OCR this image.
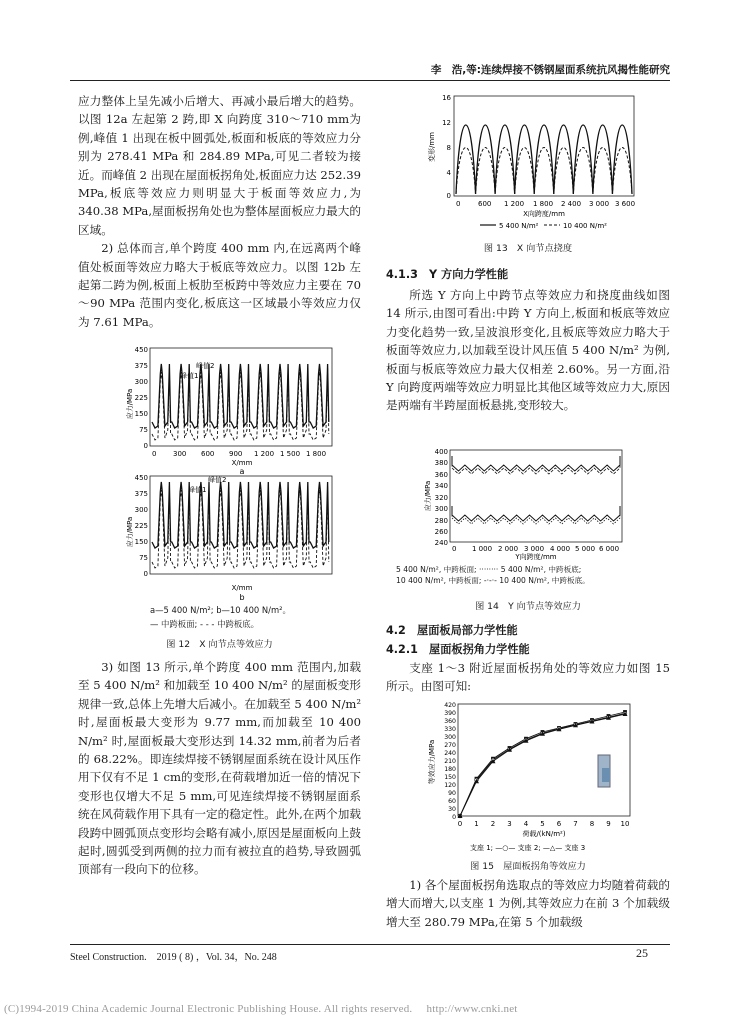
李　浩,等:连续焊接不锈钢屋面系统抗风揭性能研究

应力整体上呈先减小后增大、再减小最后增大的趋势。以图 12a 左起第 2 跨,即 X 向跨度 310～710 mm为例,峰值 1 出现在板中圆弧处,板面和板底的等效应力分别为 278.41 MPa 和 284.89 MPa,可见二者较为接近。而峰值 2 出现在屋面板拐角处,板面应力达 252.39 MPa,板底等效应力则明显大于板面等效应力,为 340.38 MPa,屋面板拐角处也为整体屋面板应力最大的区域。

2) 总体而言,单个跨度 400 mm 内,在远离两个峰值处板面等效应力略大于板底等效应力。以图 12b 左起第二跨为例,板面上板肋至板跨中等效应力主要在 70～90 MPa 范围内变化,板底这一区域最小等效应力仅为 7.61 MPa。

450
375
300
225
150
75
0
0 300 600 900 1 200 1 500 1 800
X/mm
a
峰值2
峰值1
应力/MPa
450
375
300
225
150
75
0
X/mm
b
峰值2
峰值1
应力/MPa
a—5 400 N/m²; b—10 400 N/m²。
— 中跨板面; - - - 中跨板底。
图 12　X 向节点等效应力

3) 如图 13 所示,单个跨度 400 mm 范围内,加载至 5 400 N/m² 和加载至 10 400 N/m² 的屋面板变形规律一致,总体上先增大后减小。在加载至 5 400 N/m² 时,屋面板最大变形为 9.77 mm,而加载至 10 400 N/m² 时,屋面板最大变形达到 14.32 mm,前者为后者的 68.22%。即连续焊接不锈钢屋面系统在设计风压作用下仅有不足 1 cm的变形,在荷载增加近一倍的情况下变形也仅增大不足 5 mm,可见连续焊接不锈钢屋面系统在风荷载作用下具有一定的稳定性。此外,在两个加载段跨中圆弧顶点变形均会略有减小,原因是屋面板向上鼓起时,圆弧受到两侧的拉力而有被拉直的趋势,导致圆弧顶部有一段向下的位移。

16
12
8
4
0
0	600 1 200 1 800 2 400 3 000 3 600
X向跨度/mm
变形/mm
5 400 N/m²	10 400 N/m²
图 13　X 向节点挠度
4.1.3　Y 方向力学性能

所选 Y 方向上中跨节点等效应力和挠度曲线如图 14 所示,由图可看出:中跨 Y 方向上,板面和板底等效应力变化趋势一致,呈波浪形变化,且板底等效应力略大于板面等效应力,以加载至设计风压值 5 400 N/m² 为例,板面与板底等效应力最大仅相差 2.60%。另一方面,沿 Y 向跨度两端等效应力明显比其他区域等效应力大,原因是两端有半跨屋面板悬挑,变形较大。

400
380
360
340
320
300
280
260
240
0 1 000 2 000 3 000 4 000 5 000 6 000
Y向跨度/mm
应力/MPa
5 400 N/m², 中跨板面; ········ 5 400 N/m², 中跨板底;
10 400 N/m², 中跨板面; -·-·- 10 400 N/m², 中跨板底。
图 14　Y 向节点等效应力
4.2　屋面板局部力学性能
4.2.1　屋面板拐角力学性能

支座 1～3 附近屋面板拐角处的等效应力如图 15 所示。由图可知:

420
390
360
330
300
270
240
210
180
150
120
90
60
30
0
0 1 2 3 4 5 6 7 8 9 10
荷载/(kN/m²)
等效应力/MPa
支座 1; —○— 支座 2; —△— 支座 3
图 15　屋面板拐角等效应力

1) 各个屋面板拐角选取点的等效应力均随着荷载的增大而增大,以支座 1 为例,其等效应力在前 3 个加载级增大至 280.79 MPa,在第 5 个加载级

Steel Construction.　2019 ( 8) ，Vol. 34，No. 248	25
(C)1994-2019 China Academic Journal Electronic Publishing House. All rights reserved.　 http://www.cnki.net
